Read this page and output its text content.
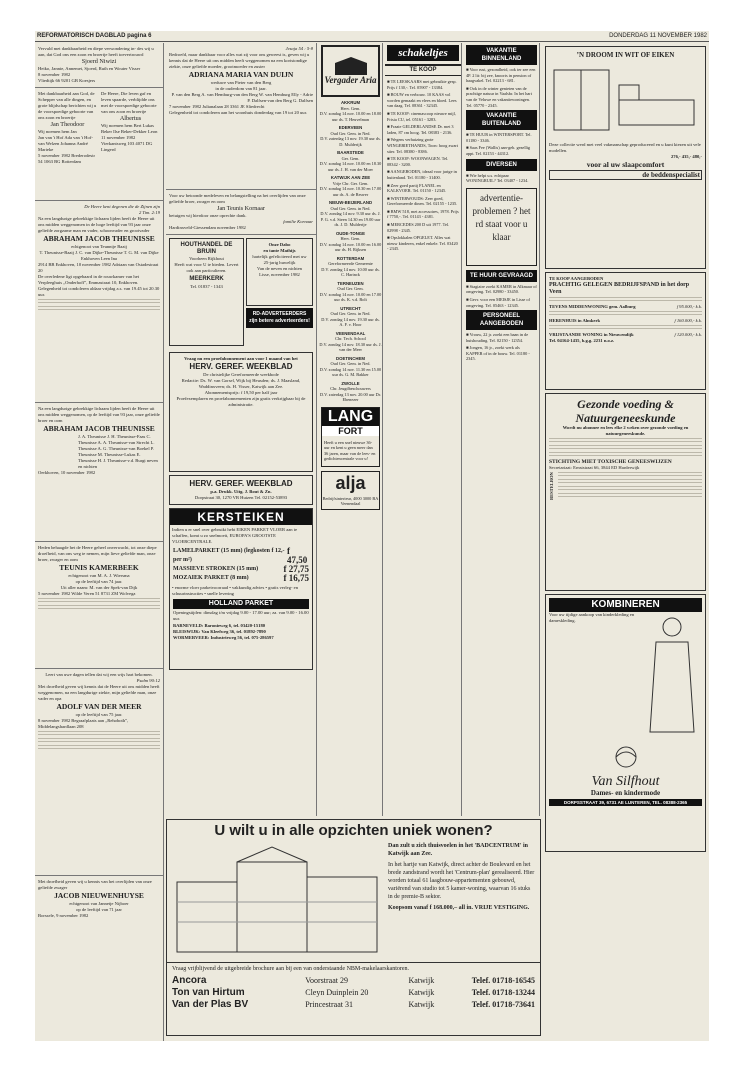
REFORMATORISCH DAGBLAD pagina 6	DONDERDAG 11 NOVEMBER 1982
Vervuld met dankbaarheid en diepe verwondering in- des wij u aan, dat God ons een zoon en broertje heeft toevertrouwd
Sjoerd Niwizi
Heiko, Jannie, Annemei, Sjoerd, Ruth en Wouter Visser
8 november 1982
Vliedtijk 66 9201 GB Koesjers
Met dankbaarheid aan God, de Schepper van alle dingen, en grote blijdschap berichten wij u de voorspoedige geboorte van ons zoon en broertje
Jan Theodoor
Wij noemen hem Jan
Jan van 't Hof Ada van 't Hof-van Welzen Johanna André Marieke
5 november 1982 Brederodestr 54 1063 BG Rotterdam
De Heere, Die leven gaf en leven spaarde, verblijdde ons met de voorspoedige geboorte van ons zoon en broertje
Albertus
Wij noemen hem Bert Lukas Beker Ilse Beker-Dekker Leon
11 november 1982 Vierkantsweg 103 4071 DG Lingerd
De Heere kent degenen die de Zijnen zijn
2 Tim. 2:19
Na een langdurige gebrekkige lichaam lijden heeft de Heere uit ons midden weggenomen in de hoge leeftijd van 93 jaar onze geliefde zorgzame man en vader, schoonvader en grootvader
ABRAHAM JACOB THEUNISSE
echtgenoot van Teunntje Baaij
T. Theunisse-Baaij J. C. van Dijke-Theunisse T. G. M. van Dijke
Enkhoven Leen Ina
2914 BB Enkhoven, 10 november 1982 Adriaan van Ostadestraat 20
De overledene ligt opgebaard in de rouwkamer van het Verpleeghuis „Onderhoff”, Emmastraat 10, Enkhoven. Gelegenheid tot condoleren aldaar vrijdag a.s. van 19.45 tot 20.30 uur.
Na een langdurige gebrekkige lichaam lijden heeft de Heere uit ons midden weggenomen, op de leeftijd van 93 jaar, onze geliefde broer en oom
ABRAHAM JACOB THEUNISSE
J. A. Theunisse J. H. Theunisse-Faas C. Theunisse A. A. Theunisse-van Strecht L. Theunisse A. G. Theunisse-van Boekel P. Theunisse M. Theunisse-Lukas E. Theunisse H. J. Theunisse-v.d. Burgt neven en nichten
Oerkhoven, 10 november 1982
Heden behaagde het de Heere geheel onverwacht, tot onze diepe droefheid, van ons weg te nemen, mijn lieve geliefde man, onze broer, zwager en oom
TEUNIS KAMERBEEK
echtgenoot van M. A. J. Wiersma
op de leeftijd van 74 jaar.
Uit aller naam: M. van der Spek-van Dijk
5 november 1982 Wilde Veren 51 8731 ZM Wolvega
Leert van uwe dagen tellen dat wij een wijs hart bekomen.
Psalm 90:12
Met droefheid geven wij kennis dat de Heere uit ons midden heeft weggenomen, na een langdurige ziekte, mijn geliefde man, onze vader en opa
ADOLF VAN DER MEER
op de leeftijd van 75 jaar.
8 november 1982 Begraafplaats aan „Rehoboth”, Middelangshardlaan 208
Met droefheid geven wij u kennis van het overlijden van onze geliefde zwager
JACOB NIEUWENHUYSE
echtgenoot van Jannetje Nijboer
op de leeftijd van 71 jaar
Borssele, 9 november 1982
Jesaja 54 : 5-8
Bedroefd, maar dankbaar voor alles wat zij voor ons geweest is, geven wij u kennis dat de Heere uit ons midden heeft weggenomen na een kortstondige ziekte, onze geliefde moeder, grootmoeder en zuster
ADRIANA MARIA VAN DUIJN
weduwe van Pieter van den Berg
in de ouderdom van 81 jaar.
P. van den Berg A. van Hemburg-van den Berg W. van Hemburg Elly - Adrie P. Dalfsen-van den Berg G. Dalfsen
7 november 1982 Julianalaan 28 3361 JE Sliedrecht
Gelegenheid tot condoleren aan het woonhuis donderdag van 19 tot 20 uur.
Voor uw betoonde medeleven en belangstelling na het overlijden van onze geliefde broer, zwager en oom
Jan Teunis Kornaar
betuigen wij hierdoor onze oprechte dank.
familie Kornaar
Hardinxveld-Giessendam november 1982
HOUTHANDEL DE BRUIN
Voorheen Rijkhout
Heeft wat voor U te bieden. Levert ook aan particulieren.
MEERKERK
Tel. 01837 - 1343
Onze Dabo
en tante Mathijs
hartelijk gefeliciteerd met uw 25-jarig huwelijk
Van de neven en nichten
Lisse, november 1982
RD-ADVERTEERDERS zijn betere adverteerders!
Vraag nu een proefabonnement aan voor 1 maand van het
HERV. GEREF. WEEKBLAD
De christelijke Gereformeerde weekbode
Redactie: Ds. W. van Gorsel, Wijk bij Heusden; ds. J. Maasland, Waddinxveen; ds. H. Visser, Katwijk aan Zee.
Abonnementsprijs: f 19,50 per half jaar
Proefexemplaren en proefabonnementen zijn gratis verkrijgbaar bij de administratie.
HERV. GEREF. WEEKBLAD
p.a. Drukk. Uitg. J. Bout & Zn.
Dorpstraat 30, 1270 VB Huizen Tel. 02152-53893
KERSTEIKEN
Indien u er snel over gebruikt hebt EIKEN PARKET VLOER aan te schaffen, komt u zo snelmoeit, EUROPA'S GROOTSTE VLOERCENTRALE.
LAMELPARKET (15 mm) (legkosten f 12,- per m²)
f 47,50
MASSIEVE STROKEN (15 mm)	f 27,75
MOZAIEK PARKET (8 mm)	f 16,75
• enorme vloer parketvoorraad • vakkundig advies • gratis verleg- en schuurinstructies • snelle levering
HOLLAND PARKET
Openingstijden: dinsdag t/m vrijdag 9.00 - 17.00 uur; za. van 9.00 - 16.00 uur.
BARNEVELD: Baronieweg 6, tel. 03420-15180
BLEISWIJK: Van Kleefweg 36, tel. 01892-7890
WORMERVEER: Industrieweg 56, tel. 075-286597
Vergader Aria
AKKRUM
Herv. Gem.
D.V. zondag 14 nov. 10.00 en 18.00 uur ds. T. Heuvelman
EDERVEEN
Oud Ger. Gem. in Ned.
D.V. zaterdag 13 nov. 19.30 uur ds. D. Mulderijk
BAARSTEDE
Ger. Gem.
D.V. zondag 14 nov. 10.00 en 18.30 uur ds. J. H. van der Moer
KATWIJK AAN ZEE
Vrije Chr. Ger. Gem.
D.V. zondag 14 nov. 10.30 en 17.00 uur ds. A. de Reuver
NIEUW-BEIJERLAND
Oud Ger. Gem. in Ned.
D.V. zondag 14 nov. 9.30 uur ds. J. P. G. v.d. Steen 14.30 en 19.00 uur ds. J. D. Mulderije
OUDE-TONGE
Herv. Gem.
D.V. zondag 14 nov. 10.00 en 16.00 uur ds. H. Rijksen
ROTTERDAM
Gereformeerde Gemeente
D.V. zondag 14 nov. 10.00 uur ds. C. Harinck
TERNEUZEN
Oud Ger. Gem.
D.V. zondag 14 nov. 10.00 en 17.00 uur ds. K. v.d. Bolt
UTRECHT
Oud Ger. Gem. in Ned.
D.V. zondag 14 nov. 19.30 uur ds. A. F. v. Hoor
VEENENDAAL
Chr. Tech. School
D.V. zondag 14 nov. 18.30 uur ds. J. van der Meer
DOETINCHEM
Oud Ger. Gem. in Ned.
D.V. zondag 14 nov. 11.30 en 15.00 uur ds. G. M. Bakker
ZWOLLE
Chr. Jeugdbeschouwers
D.V. zaterdag 13 nov. 20.00 uur Dr. Ebenezer
LANG
FORT
Heeft u een snel nieuwe 36-uur en kent u geen meer dan 36 jaren, maar van de lees- en gedichtencentrale voor u!
alja
Bedrijfsinterieur, 4000 3000 BA Veenendaal
schakeltjes
TE KOOP
■ TE LEESKAARS met gebruikte gesp. Prijs f 130,-. Tel. 05907 - 13384.
■ BOUW en verbouw. 10 KAAS vol worden gemaakt en vlees en bloed. Lees van daag. Tel. 08361 - 32345.
■ TE KOOP: cinemascoop nieuwe mijl, Frisia CU, tel. 05161 - 3283.
■ Fraaie GELDERLANDSE Dr. met 3 laden, 87 cm hoog. Tel. 08383 - 2136.
■ Wegens verhuizing grote WINGEBIETHANDS, Toon: hoog zwart stier. Tel. 08380 - 8386.
■ TE KOOP: WOONWAGEN. Tel. 08342 - 3200.
■ AANGEBODEN, ideaal voor jarige in buitenland. Tel. 01180 - 31400.
■ Zeer goed partij FLANEL en KALKVOER. Tel. 01150 - 12345.
■ WINTERWOUDS: Zeer goed, Gereformeerde dinen. Tel. 02155 - 1235.
■ BMW 518, met accessoires, 1978. Prijs f 7750,-. Tel. 01143 - 4381.
■ MERCEDES 200 D uit 1977. Tel. 02998 - 2345.
■ Opslokkalen OPGELET. Alles wat nieuw kinderen, enkel enkele. Tel. 03420 - 2345.
VAKANTIE BINNENLAND
■ Voor rust, gezondheid, ook ter zee een 4P. 2 lit: bij zee, knoorts in pension of haagvakel. Tel. 02213 - 681.
■ Ook in de winter genieten van de prachtige natuur in Vaalsbr. In het hart van de Veluwe en vakantiewoningen. Tel. 05770 - 2345.
VAKANTIE BUITENLAND
■ TE HUUR in WINTERSPORT. Tel. 01180 - 3346.
■ Saas Fee (Wallis) aan-geb. gezellig appt. Tel. 02153 - 44312.
DIVERSEN
■ Wie helpt u.s. echtpaar WONINGRUIL? Tel. 03407 - 1234.
advertentie- problemen ? het rd staat voor u klaar
TE HUUR GEVRAAGD
■ Stagiaire zoekt KAMER in Alkmaar of omgeving. Tel. 02980 - 33450.
■ Gevr. voor een MEISJE in Lisse of omgeving. Tel. 05463 - 12345.
PERSONEEL AANGEBODEN
■ Vrouw, 22 jr. zoekt een baan in de huishouding. Tel. 02150 - 12354.
■ Jongen, 16 jr., zoekt werk als KAPPER of in de bouw. Tel. 01180 - 2345.
’N DROOM IN WIT OF EIKEN
Deze collectie werd met veel vakmanschap geproduceerd en u kunt kiezen uit vele modellen.
276,- 435,- 480,-
voor al uw slaapcomfort
de beddenspecialist
TE KOOP AANGEBODEN
PRACHTIG GELEGEN BEDRIJFSPAND in het dorp Veen
TEVENS MIDDENWONING gem. Aalburg	f 95.000,- k.k.
HERENHUIS in Almkerk	f 160.000,- k.k.
VRIJSTAANDE WONING in Nieuwendijk	f 120.000,- k.k.
Tel. 04164-1435, b.g.g. 2231 n.o.z.
Gezonde voeding & Natuurgeneeskunde
Wordt nu abonnee en lees elke 2 weken over gezonde voeding en natuurgeneeskunde.
STICHTING MIET TOXISCHE GENEESWIJZEN
Secretariaat: Ernststraat 66, 3844 ED Harderwijk
BESTELBON
KOMBINEREN
Voor uw tijdige aankoop van kinderkleding en dameskleding.
Van Silfhout
Dames- en kindermode
DORPSSTRAAT 39, 6731 AE LUNTEREN, TEL. 08388-2365
U wilt u in alle opzichten uniek wonen?
Dan zult u zich thuisvoelen in het 'BADCENTRUM' in Katwijk aan Zee.
In het hartje van Katwijk, direct achter de Boulevard en het brede zandstrand wordt het 'Centrum-plan' gerealiseerd. Hier worden totaal 61 laagbouw-appartementen gebouwd, variërend van studio tot 5 kamer-woning, waarvan 16 stuks in de premie-B sektor.
Koopsom vanaf f 168.000,– all in. VRIJE VESTIGING.
Vraag vrijblijvend de uitgebreide brochure aan bij een van onderstaande NBM-makelaarskantoren.
Ancora	Voorstraat 29	Katwijk	Telef. 01718-16545
Ton van Hirtum	Cleyn Duinplein 20	Katwijk	Telef. 01718-13244
Van der Plas BV	Princestraat 31	Katwijk	Telef. 01718-73641
